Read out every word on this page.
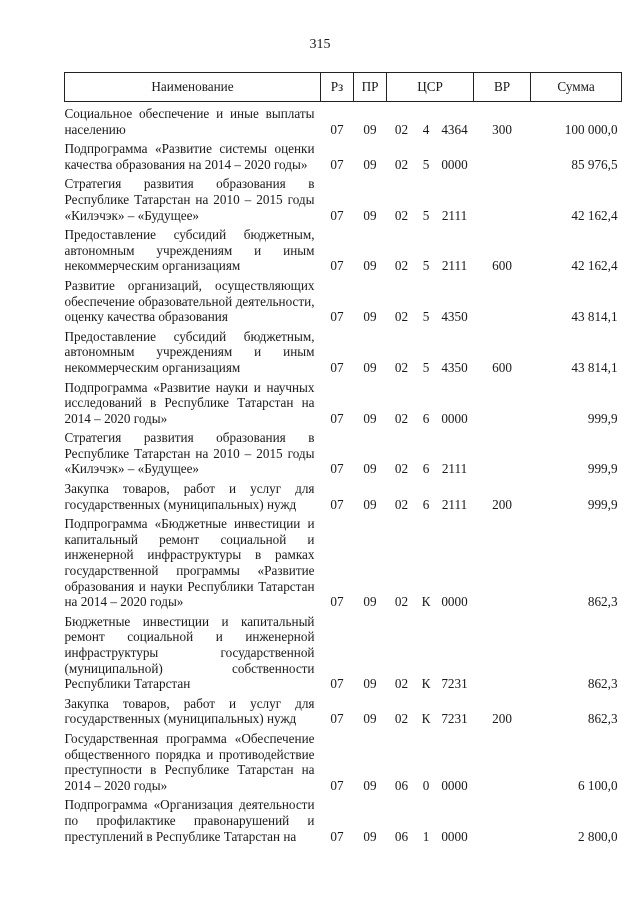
315
Наименование	Рз	ПР	ЦСР			ВР	Сумма
Социальное обеспечение и иные выплаты населению	07	09	02	4	4364	300	100 000,0
Подпрограмма «Развитие системы оценки качества образования на 2014 – 2020 годы»	07	09	02	5	0000		85 976,5
Стратегия развития образования в Республике Татарстан на 2010 – 2015 годы «Килэчэк» – «Будущее»	07	09	02	5	2111		42 162,4
Предоставление субсидий бюджетным, автономным учреждениям и иным некоммерческим организациям	07	09	02	5	2111	600	42 162,4
Развитие организаций, осуществляющих обеспечение образовательной деятельности, оценку качества образования	07	09	02	5	4350		43 814,1
Предоставление субсидий бюджетным, автономным учреждениям и иным некоммерческим организациям	07	09	02	5	4350	600	43 814,1
Подпрограмма «Развитие науки и научных исследований в Республике Татарстан на 2014 – 2020 годы»	07	09	02	6	0000		999,9
Стратегия развития образования в Республике Татарстан на 2010 – 2015 годы «Килэчэк» – «Будущее»	07	09	02	6	2111		999,9
Закупка товаров, работ и услуг для государственных (муниципальных) нужд	07	09	02	6	2111	200	999,9
Подпрограмма «Бюджетные инвестиции и капитальный ремонт социальной и инженерной инфраструктуры в рамках государственной программы «Развитие образования и науки Республики Татарстан на 2014 – 2020 годы»	07	09	02	К	0000		862,3
Бюджетные инвестиции и капитальный ремонт социальной и инженерной инфраструктуры государственной (муниципальной) собственности Республики Татарстан	07	09	02	К	7231		862,3
Закупка товаров, работ и услуг для государственных (муниципальных) нужд	07	09	02	К	7231	200	862,3
Государственная программа «Обеспечение общественного порядка и противодействие преступности в Республике Татарстан на 2014 – 2020 годы»	07	09	06	0	0000		6 100,0
Подпрограмма «Организация деятельности по профилактике правонарушений и преступлений в Республике Татарстан на	07	09	06	1	0000		2 800,0
